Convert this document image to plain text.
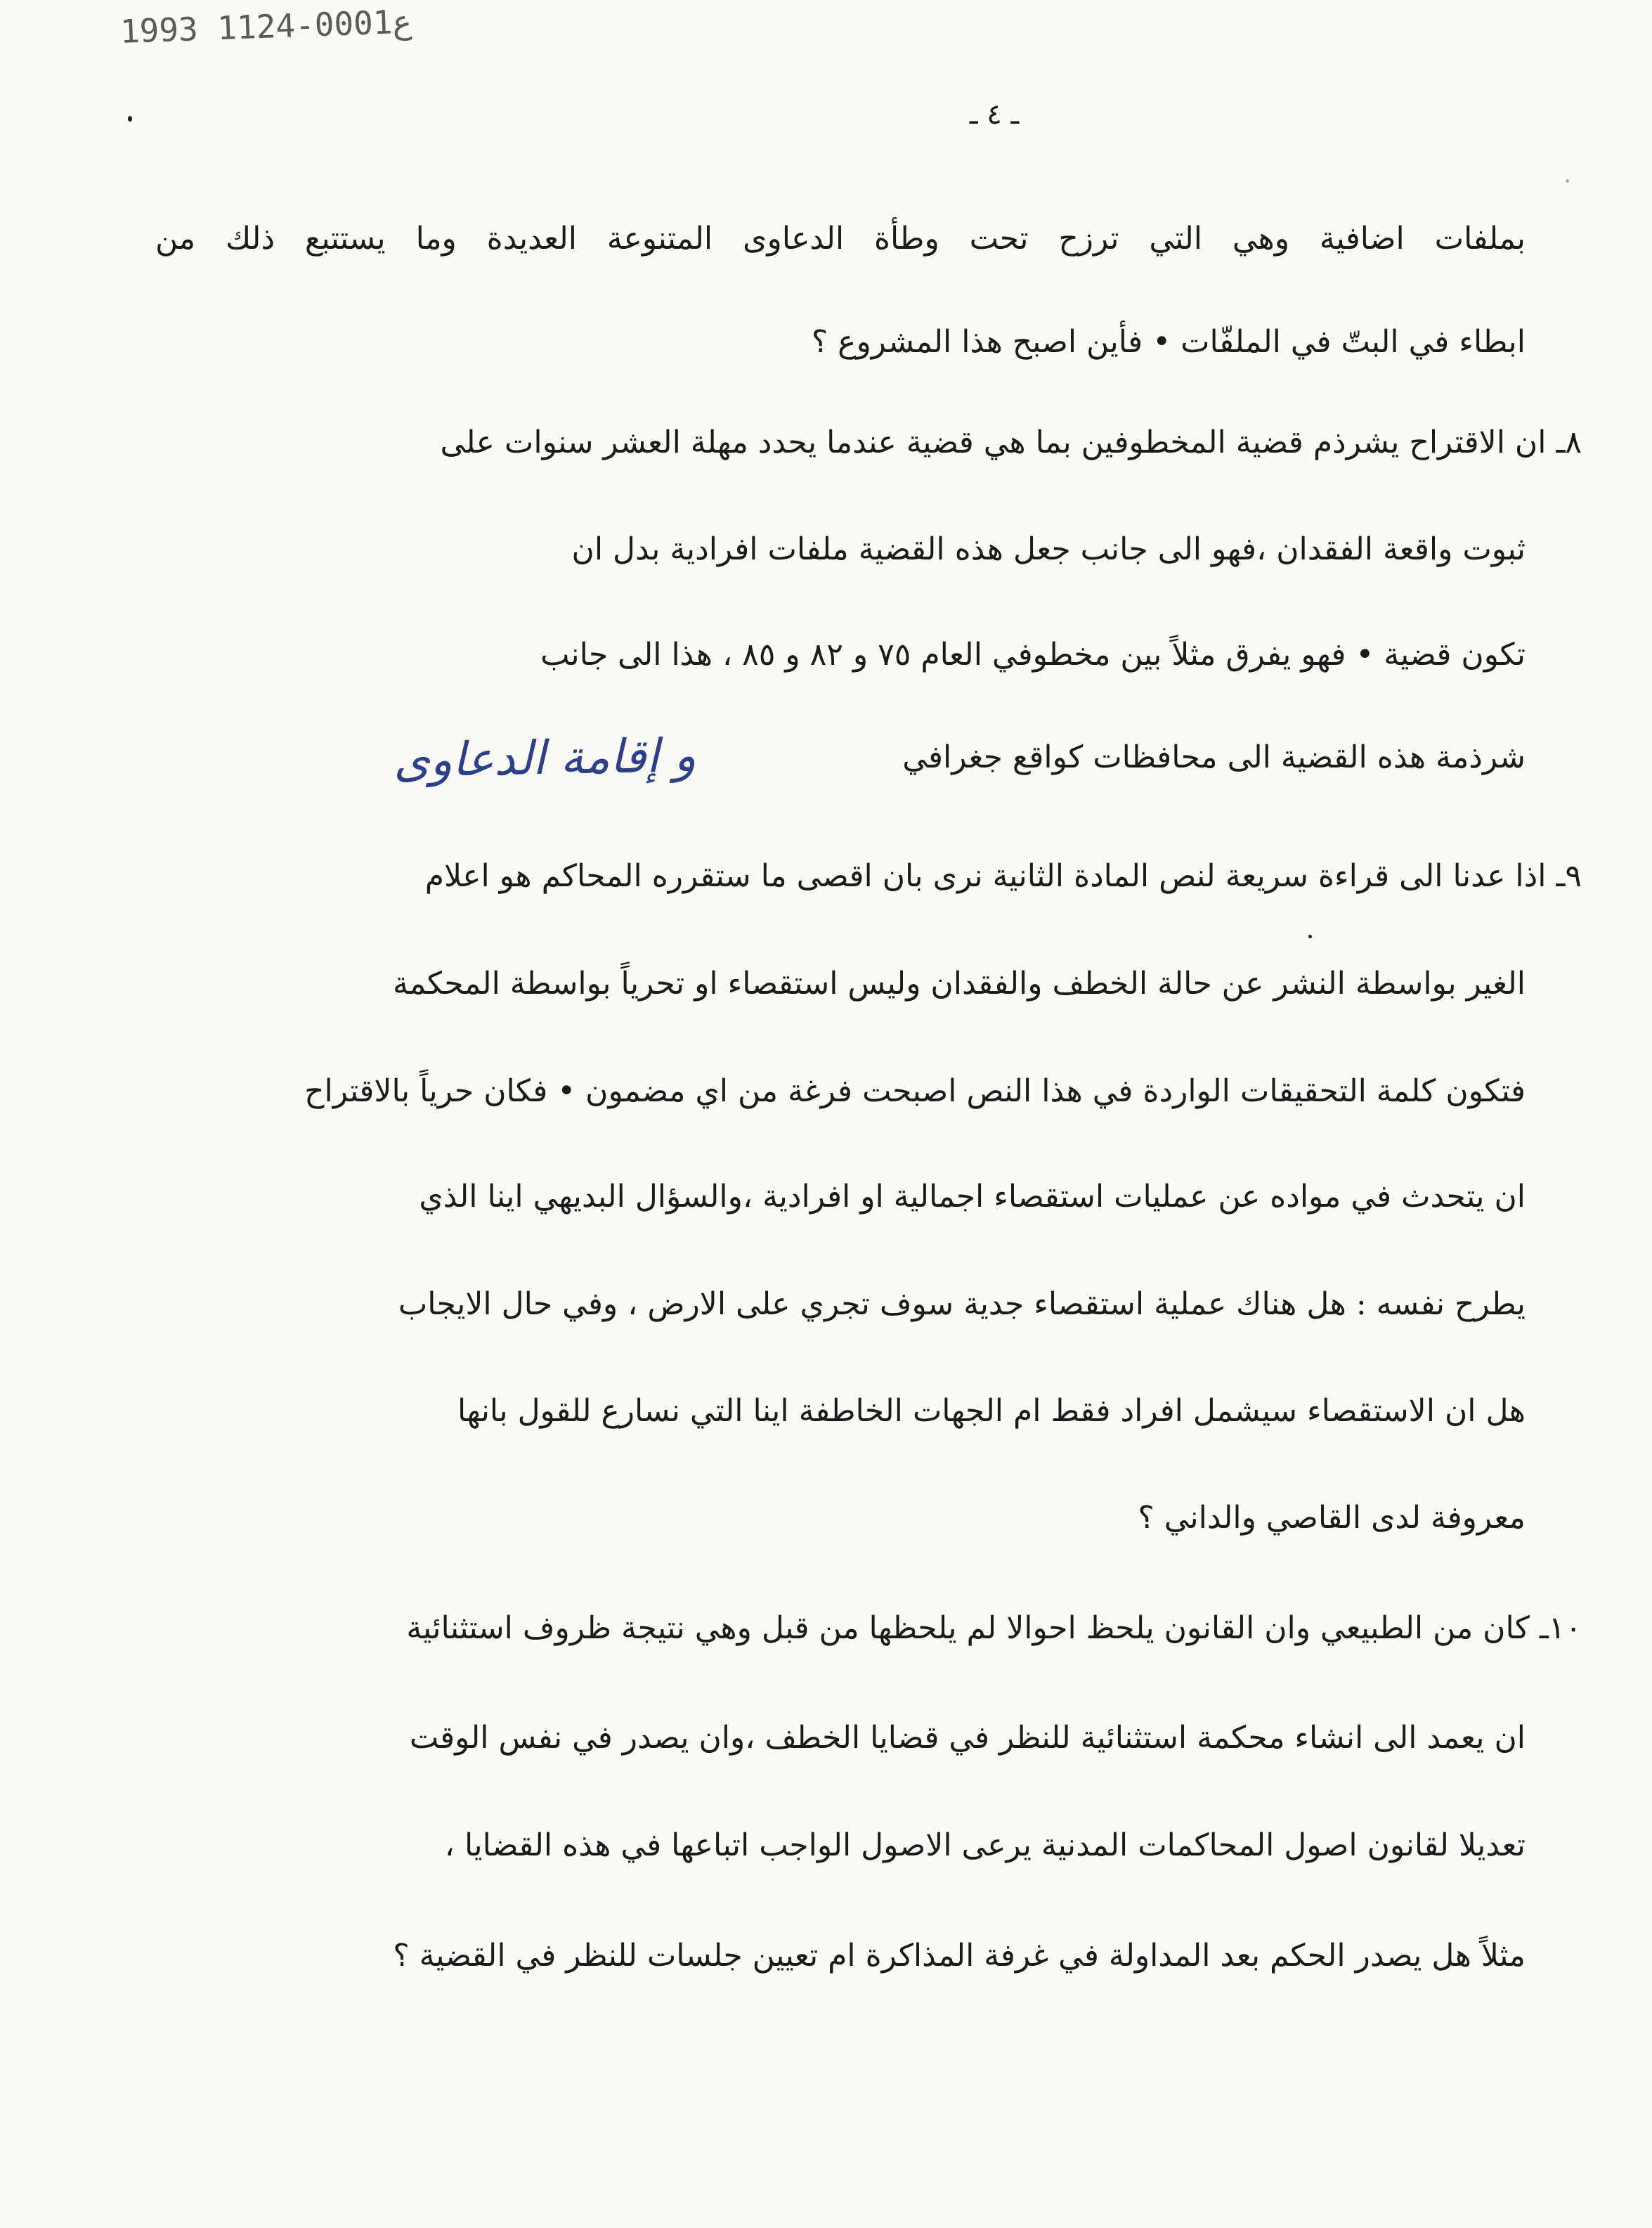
1993 1124-0001ع
ـ ٤ ـ
بملفات اضافية وهي التي ترزح تحت وطأة الدعاوى المتنوعة العديدة وما يستتبع ذلك من
ابطاء في البتّ في الملفّات • فأين اصبح هذا المشروع ؟
٨ـ ان الاقتراح يشرذم قضية المخطوفين بما هي قضية عندما يحدد مهلة العشر سنوات على
ثبوت واقعة الفقدان ،فهو الى جانب جعل هذه القضية ملفات افرادية بدل ان
تكون قضية • فهو يفرق مثلاً بين مخطوفي العام ٧٥ و ٨٢ و ٨٥ ، هذا الى جانب
شرذمة هذه القضية الى محافظات كواقع جغرافي
و إقامة الدعاوى
٩ـ اذا عدنا الى قراءة سريعة لنص المادة الثانية نرى بان اقصى ما ستقرره المحاكم هو اعلام
الغير بواسطة النشر عن حالة الخطف والفقدان وليس استقصاء او تحرياً بواسطة المحكمة
فتكون كلمة التحقيقات الواردة في هذا النص اصبحت فرغة من اي مضمون • فكان حرياً بالاقتراح
ان يتحدث في مواده عن عمليات استقصاء اجمالية او افرادية ،والسؤال البديهي اينا الذي
يطرح نفسه : هل هناك عملية استقصاء جدية سوف تجري على الارض ، وفي حال الايجاب
هل ان الاستقصاء سيشمل افراد فقط ام الجهات الخاطفة اينا التي نسارع للقول بانها
معروفة لدى القاصي والداني ؟
١٠ـ كان من الطبيعي وان القانون يلحظ احوالا لم يلحظها من قبل وهي نتيجة ظروف استثنائية
ان يعمد الى انشاء محكمة استثنائية للنظر في قضايا الخطف ،وان يصدر في نفس الوقت
تعديلا لقانون اصول المحاكمات المدنية يرعى الاصول الواجب اتباعها في هذه القضايا ،
مثلاً هل يصدر الحكم بعد المداولة في غرفة المذاكرة ام تعيين جلسات للنظر في القضية ؟
